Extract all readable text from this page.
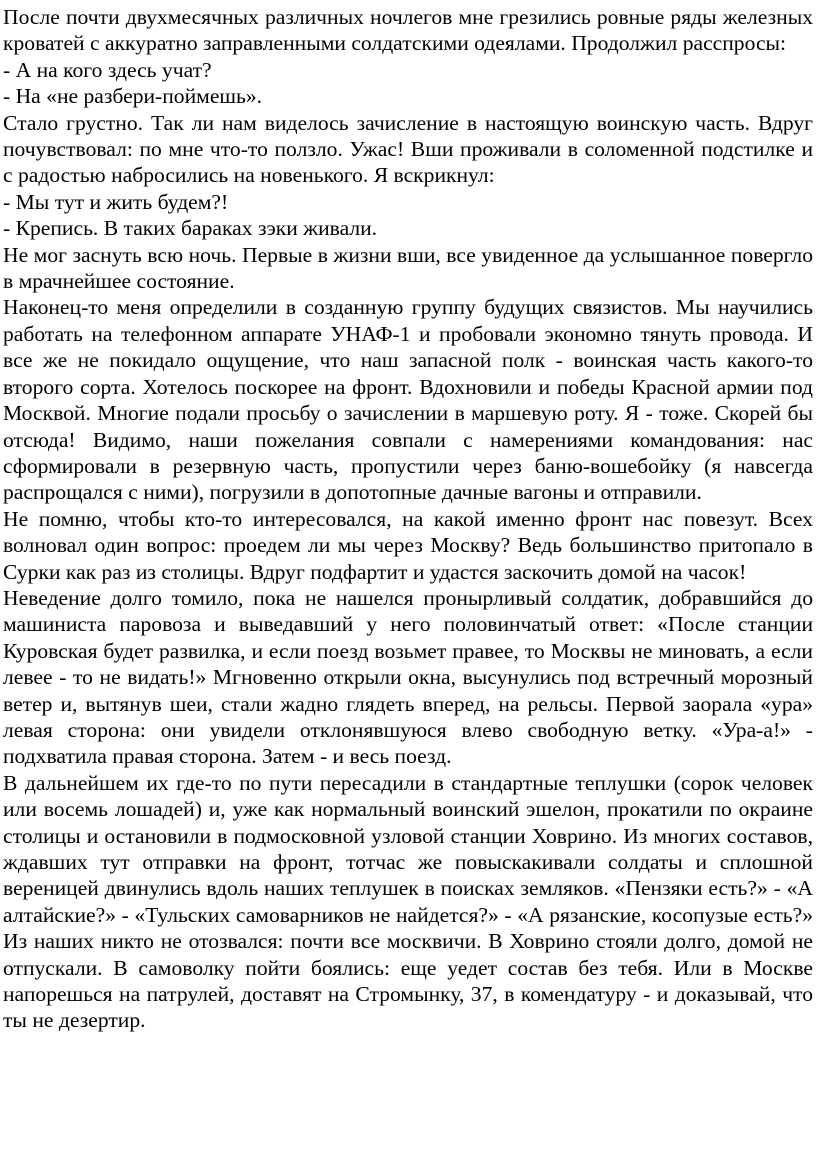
После почти двухмесячных различных ночлегов мне грезились ровные ряды железных кроватей с аккуратно заправленными солдатскими одеялами. Продолжил расспросы:

- А на кого здесь учат?

- На «не разбери-поймешь».

Стало грустно. Так ли нам виделось зачисление в настоящую воинскую часть. Вдруг почувствовал: по мне что-то ползло. Ужас! Вши проживали в соломенной подстилке и с радостью набросились на новенького. Я вскрикнул:

- Мы тут и жить будем?!

- Крепись. В таких бараках зэки живали.

Не мог заснуть всю ночь. Первые в жизни вши, все увиденное да услышанное повергло в мрачнейшее состояние.

Наконец-то меня определили в созданную группу будущих связистов. Мы научились работать на телефонном аппарате УНАФ-1 и пробовали экономно тянуть провода. И все же не покидало ощущение, что наш запасной полк - воинская часть какого-то второго сорта. Хотелось поскорее на фронт. Вдохновили и победы Красной армии под Москвой. Многие подали просьбу о зачислении в маршевую роту. Я - тоже. Скорей бы отсюда! Видимо, наши пожелания совпали с намерениями командования: нас сформировали в резервную часть, пропустили через баню-вошебойку (я навсегда распрощался с ними), погрузили в допотопные дачные вагоны и отправили.

Не помню, чтобы кто-то интересовался, на какой именно фронт нас повезут. Всех волновал один вопрос: проедем ли мы через Москву? Ведь большинство притопало в Сурки как раз из столицы. Вдруг подфартит и удастся заскочить домой на часок!

Неведение долго томило, пока не нашелся пронырливый солдатик, добравшийся до машиниста паровоза и выведавший у него половинчатый ответ: «После станции Куровская будет развилка, и если поезд возьмет правее, то Москвы не миновать, а если левее - то не видать!» Мгновенно открыли окна, высунулись под встречный морозный ветер и, вытянув шеи, стали жадно глядеть вперед, на рельсы. Первой заорала «ура» левая сторона: они увидели отклонявшуюся влево свободную ветку. «Ура-а!» - подхватила правая сторона. Затем - и весь поезд.

В дальнейшем их где-то по пути пересадили в стандартные теплушки (сорок человек или восемь лошадей) и, уже как нормальный воинский эшелон, прокатили по окраине столицы и остановили в подмосковной узловой станции Ховрино. Из многих составов, ждавших тут отправки на фронт, тотчас же повыскакивали солдаты и сплошной вереницей двинулись вдоль наших теплушек в поисках земляков. «Пензяки есть?» - «А алтайские?» - «Тульских самоварников не найдется?» - «А рязанские, косопузые есть?» Из наших никто не отозвался: почти все москвичи. В Ховрино стояли долго, домой не отпускали. В самоволку пойти боялись: еще уедет состав без тебя. Или в Москве напорешься на патрулей, доставят на Стромынку, 37, в комендатуру - и доказывай, что ты не дезертир.
